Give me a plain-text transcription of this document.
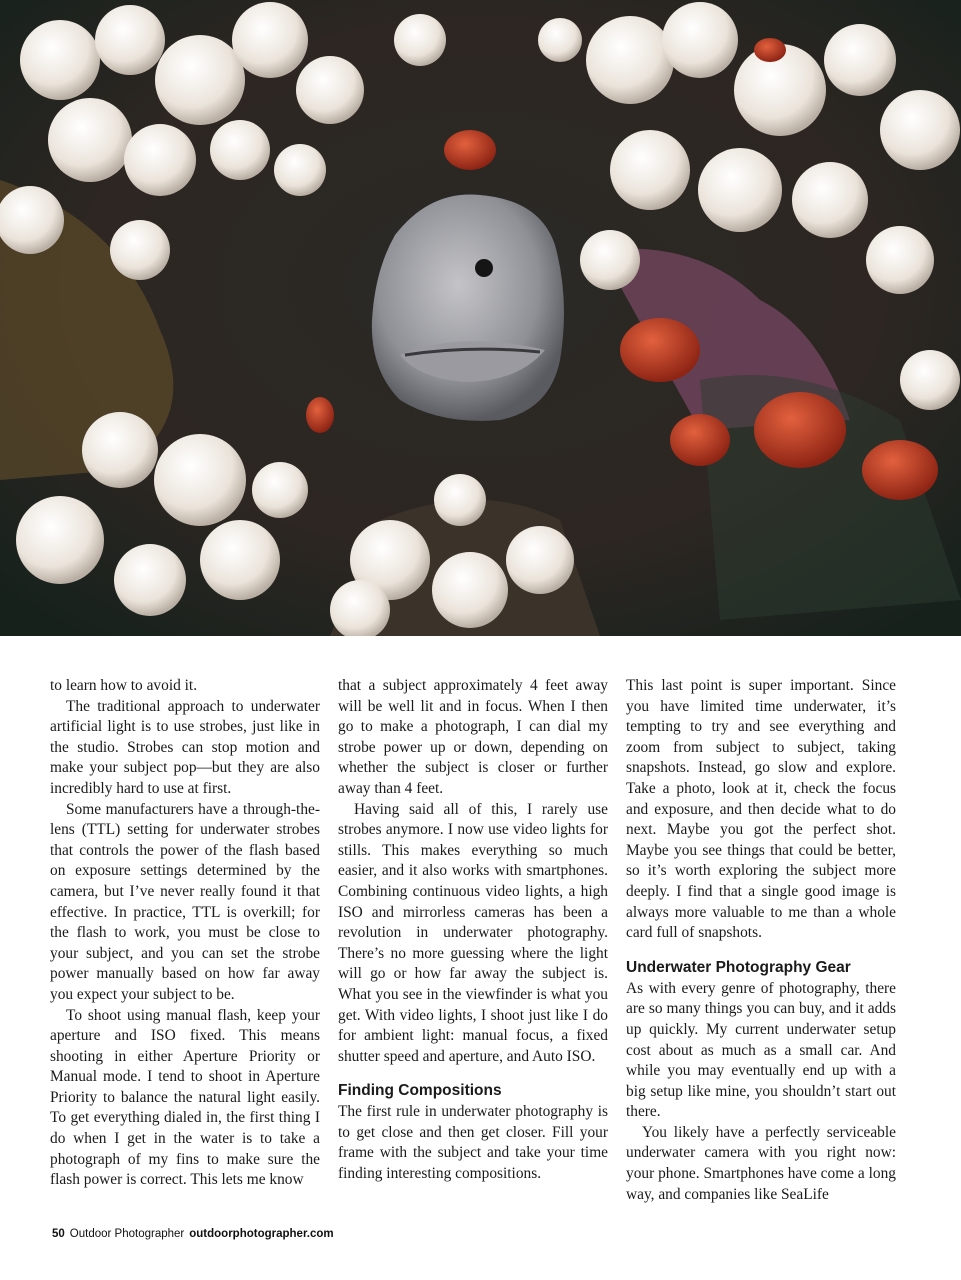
to learn how to avoid it.

The traditional approach to underwater artificial light is to use strobes, just like in the studio. Strobes can stop motion and make your subject pop—but they are also incredibly hard to use at first.

Some manufacturers have a through-the-lens (TTL) setting for underwater strobes that controls the power of the flash based on exposure settings determined by the camera, but I’ve never really found it that effective. In practice, TTL is overkill; for the flash to work, you must be close to your subject, and you can set the strobe power manually based on how far away you expect your subject to be.

To shoot using manual flash, keep your aperture and ISO fixed. This means shooting in either Aperture Priority or Manual mode. I tend to shoot in Aperture Priority to balance the natural light easily. To get everything dialed in, the first thing I do when I get in the water is to take a photograph of my fins to make sure the flash power is correct. This lets me know

that a subject approximately 4 feet away will be well lit and in focus. When I then go to make a photograph, I can dial my strobe power up or down, depending on whether the subject is closer or further away than 4 feet.

Having said all of this, I rarely use strobes anymore. I now use video lights for stills. This makes everything so much easier, and it also works with smartphones. Combining continuous video lights, a high ISO and mirrorless cameras has been a revolution in underwater photography. There’s no more guessing where the light will go or how far away the subject is. What you see in the viewfinder is what you get. With video lights, I shoot just like I do for ambient light: manual focus, a fixed shutter speed and aperture, and Auto ISO.

Finding Compositions

The first rule in underwater photography is to get close and then get closer. Fill your frame with the subject and take your time finding interesting compositions.

This last point is super important. Since you have limited time underwater, it’s tempting to try and see everything and zoom from subject to subject, taking snapshots. Instead, go slow and explore. Take a photo, look at it, check the focus and exposure, and then decide what to do next. Maybe you got the perfect shot. Maybe you see things that could be better, so it’s worth exploring the subject more deeply. I find that a single good image is always more valuable to me than a whole card full of snapshots.

Underwater Photography Gear

As with every genre of photography, there are so many things you can buy, and it adds up quickly. My current underwater setup cost about as much as a small car. And while you may eventually end up with a big setup like mine, you shouldn’t start out there.

You likely have a perfectly serviceable underwater camera with you right now: your phone. Smartphones have come a long way, and companies like SeaLife

50 Outdoor Photographer outdoorphotographer.com
